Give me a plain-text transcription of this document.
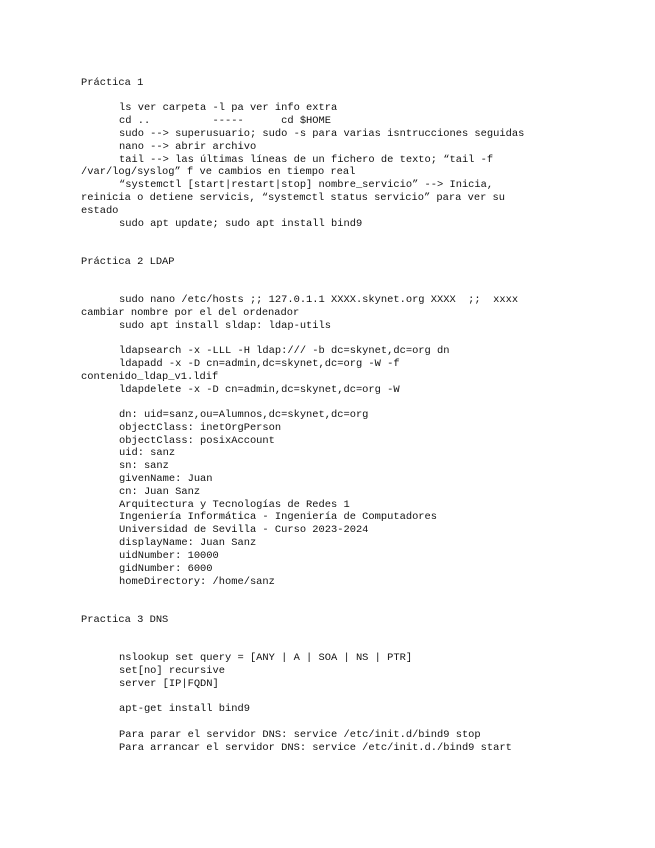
Práctica 1
ls ver carpeta -l pa ver info extra
cd ..          -----      cd $HOME
sudo --> superusuario; sudo -s para varias isntrucciones seguidas
nano --> abrir archivo
tail --> las últimas líneas de un fichero de texto; “tail -f
/var/log/syslog” f ve cambios en tiempo real
“systemctl [start|restart|stop] nombre_servicio” --> Inicia,
reinicia o detiene servicis, “systemctl status servicio” para ver su
estado
sudo apt update; sudo apt install bind9
Práctica 2 LDAP
sudo nano /etc/hosts ;; 127.0.1.1 XXXX.skynet.org XXXX  ;;  xxxx
cambiar nombre por el del ordenador
sudo apt install sldap: ldap-utils
ldapsearch -x -LLL -H ldap:/// -b dc=skynet,dc=org dn
ldapadd -x -D cn=admin,dc=skynet,dc=org -W -f
contenido_ldap_v1.ldif
ldapdelete -x -D cn=admin,dc=skynet,dc=org -W
dn: uid=sanz,ou=Alumnos,dc=skynet,dc=org
objectClass: inetOrgPerson
objectClass: posixAccount
uid: sanz
sn: sanz
givenName: Juan
cn: Juan Sanz
Arquitectura y Tecnologías de Redes 1
Ingeniería Informática - Ingeniería de Computadores
Universidad de Sevilla - Curso 2023-2024
displayName: Juan Sanz
uidNumber: 10000
gidNumber: 6000
homeDirectory: /home/sanz
Practica 3 DNS
nslookup set query = [ANY | A | SOA | NS | PTR]
set[no] recursive
server [IP|FQDN]
apt-get install bind9
Para parar el servidor DNS: service /etc/init.d/bind9 stop
Para arrancar el servidor DNS: service /etc/init.d./bind9 start
